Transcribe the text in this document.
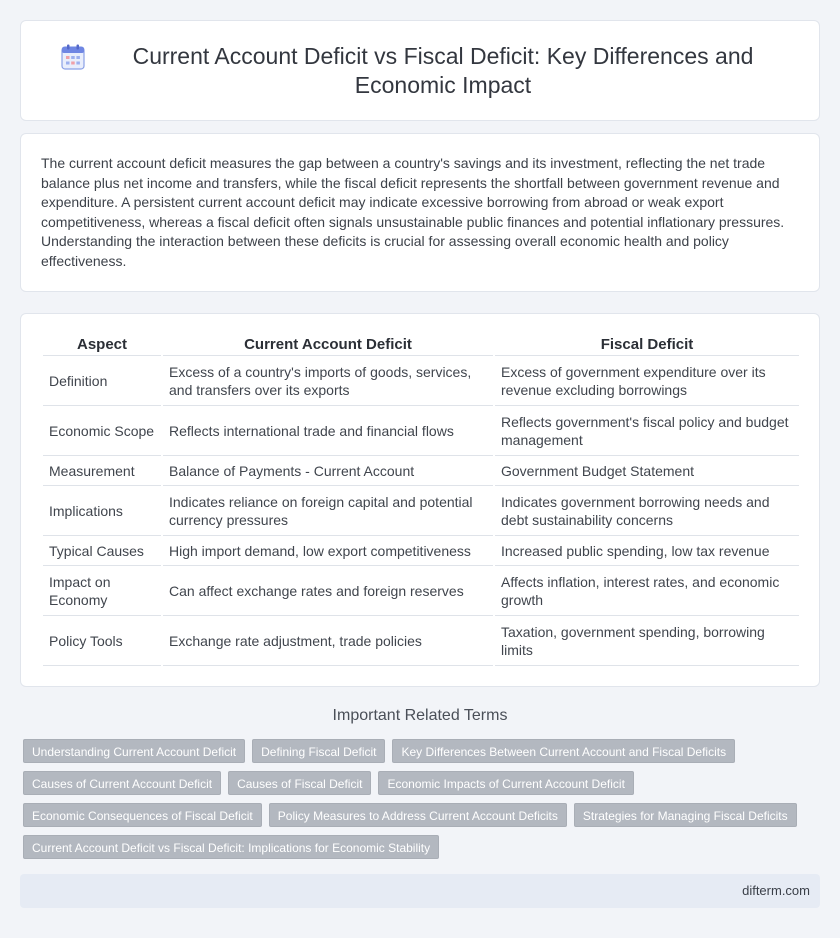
Current Account Deficit vs Fiscal Deficit: Key Differences and Economic Impact

The current account deficit measures the gap between a country's savings and its investment, reflecting the net trade balance plus net income and transfers, while the fiscal deficit represents the shortfall between government revenue and expenditure. A persistent current account deficit may indicate excessive borrowing from abroad or weak export competitiveness, whereas a fiscal deficit often signals unsustainable public finances and potential inflationary pressures. Understanding the interaction between these deficits is crucial for assessing overall economic health and policy effectiveness.

Aspect	Current Account Deficit	Fiscal Deficit
Definition	Excess of a country's imports of goods, services, and transfers over its exports	Excess of government expenditure over its revenue excluding borrowings
Economic Scope	Reflects international trade and financial flows	Reflects government's fiscal policy and budget management
Measurement	Balance of Payments - Current Account	Government Budget Statement
Implications	Indicates reliance on foreign capital and potential currency pressures	Indicates government borrowing needs and debt sustainability concerns
Typical Causes	High import demand, low export competitiveness	Increased public spending, low tax revenue
Impact on Economy	Can affect exchange rates and foreign reserves	Affects inflation, interest rates, and economic growth
Policy Tools	Exchange rate adjustment, trade policies	Taxation, government spending, borrowing limits
Important Related Terms
Understanding Current Account Deficit	Defining Fiscal Deficit	Key Differences Between Current Account and Fiscal Deficits
Causes of Current Account Deficit	Causes of Fiscal Deficit	Economic Impacts of Current Account Deficit
Economic Consequences of Fiscal Deficit	Policy Measures to Address Current Account Deficits	Strategies for Managing Fiscal Deficits
Current Account Deficit vs Fiscal Deficit: Implications for Economic Stability
difterm.com
